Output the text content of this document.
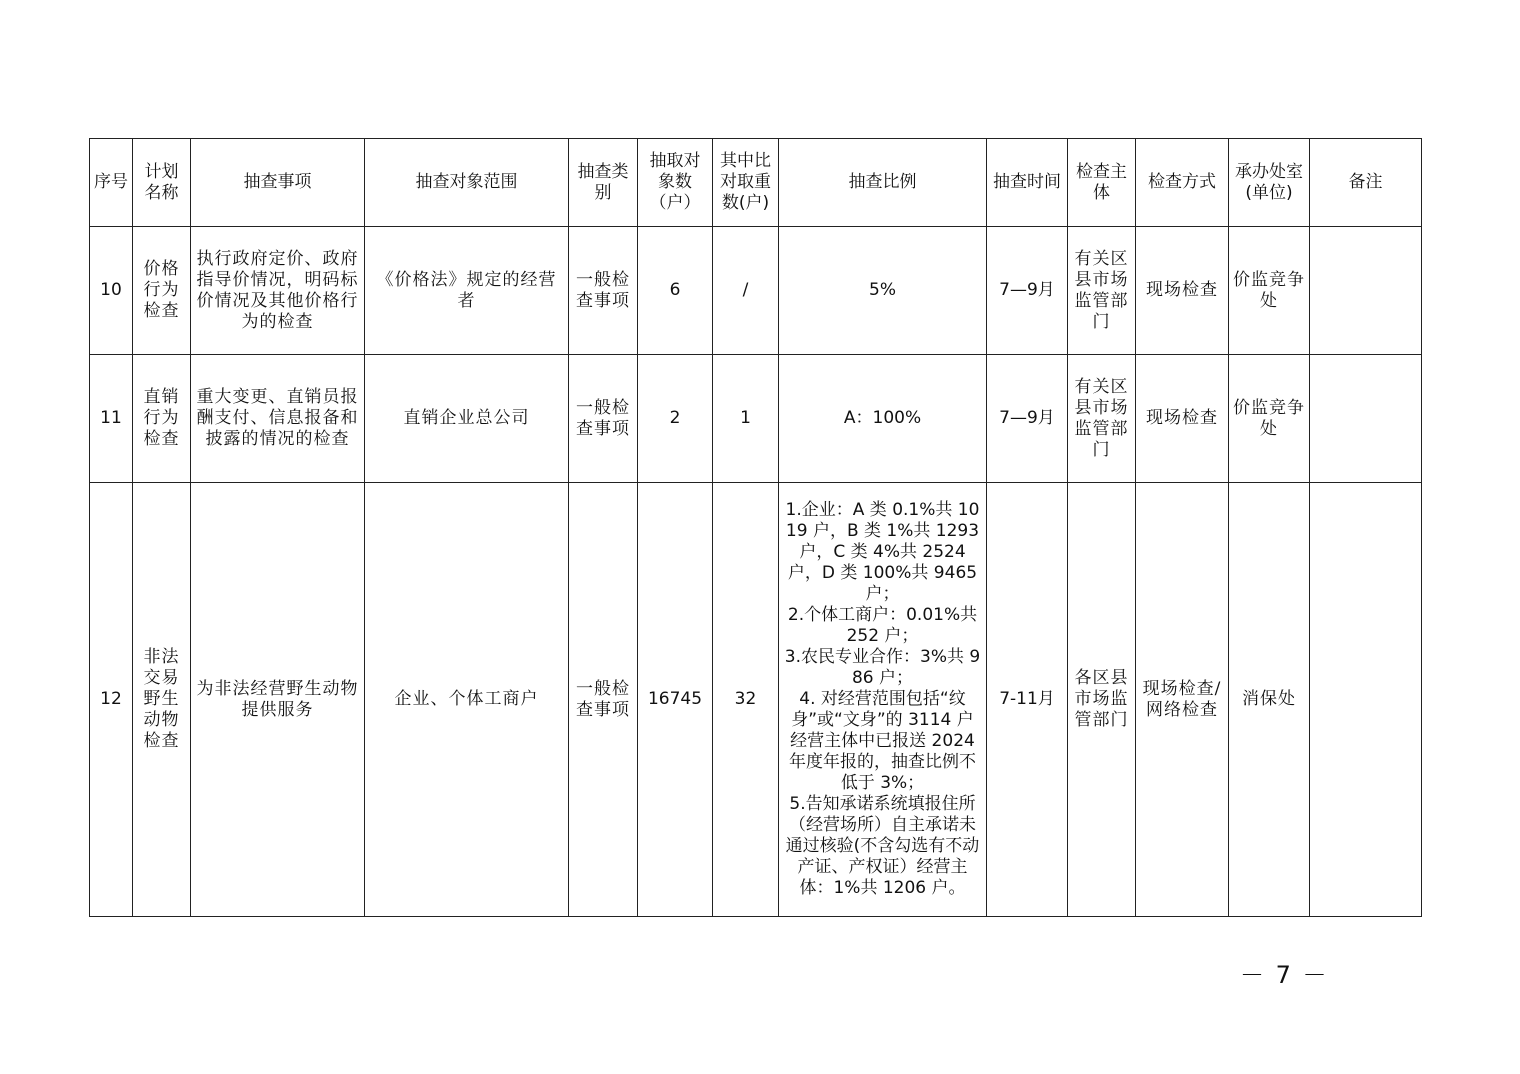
序号	计划名称	抽查事项	抽查对象范围	抽查类别	抽取对象数（户）	其中比对取重数(户)	抽查比例	抽查时间	检查主体	检查方式	承办处室(单位)	备注
10	价格行为检查	执行政府定价、政府指导价情况，明码标价情况及其他价格行为的检查	《价格法》规定的经营者	一般检查事项	6	/	5%	7—9月	有关区县市场监管部门	现场检查	价监竞争处	
11	直销行为检查	重大变更、直销员报酬支付、信息报备和披露的情况的检查	直销企业总公司	一般检查事项	2	1	A：100%	7—9月	有关区县市场监管部门	现场检查	价监竞争处	
12	非法交易野生动物检查	为非法经营野生动物提供服务	企业、个体工商户	一般检查事项	16745	32	1.企业：A 类 0.1%共 1019 户，B 类 1%共 1293 户，C 类 4%共 2524 户，D 类 100%共 9465 户；
2.个体工商户：0.01%共 252 户；
3.农民专业合作：3%共 986 户；
4. 对经营范围包括“纹身”或“文身”的 3114 户经营主体中已报送 2024 年度年报的，抽查比例不低于 3%；
5.告知承诺系统填报住所（经营场所）自主承诺未通过核验(不含勾选有不动产证、产权证）经营主体：1%共 1206 户。	7-11月	各区县市场监管部门	现场检查/网络检查	消保处	
－ 7 －
